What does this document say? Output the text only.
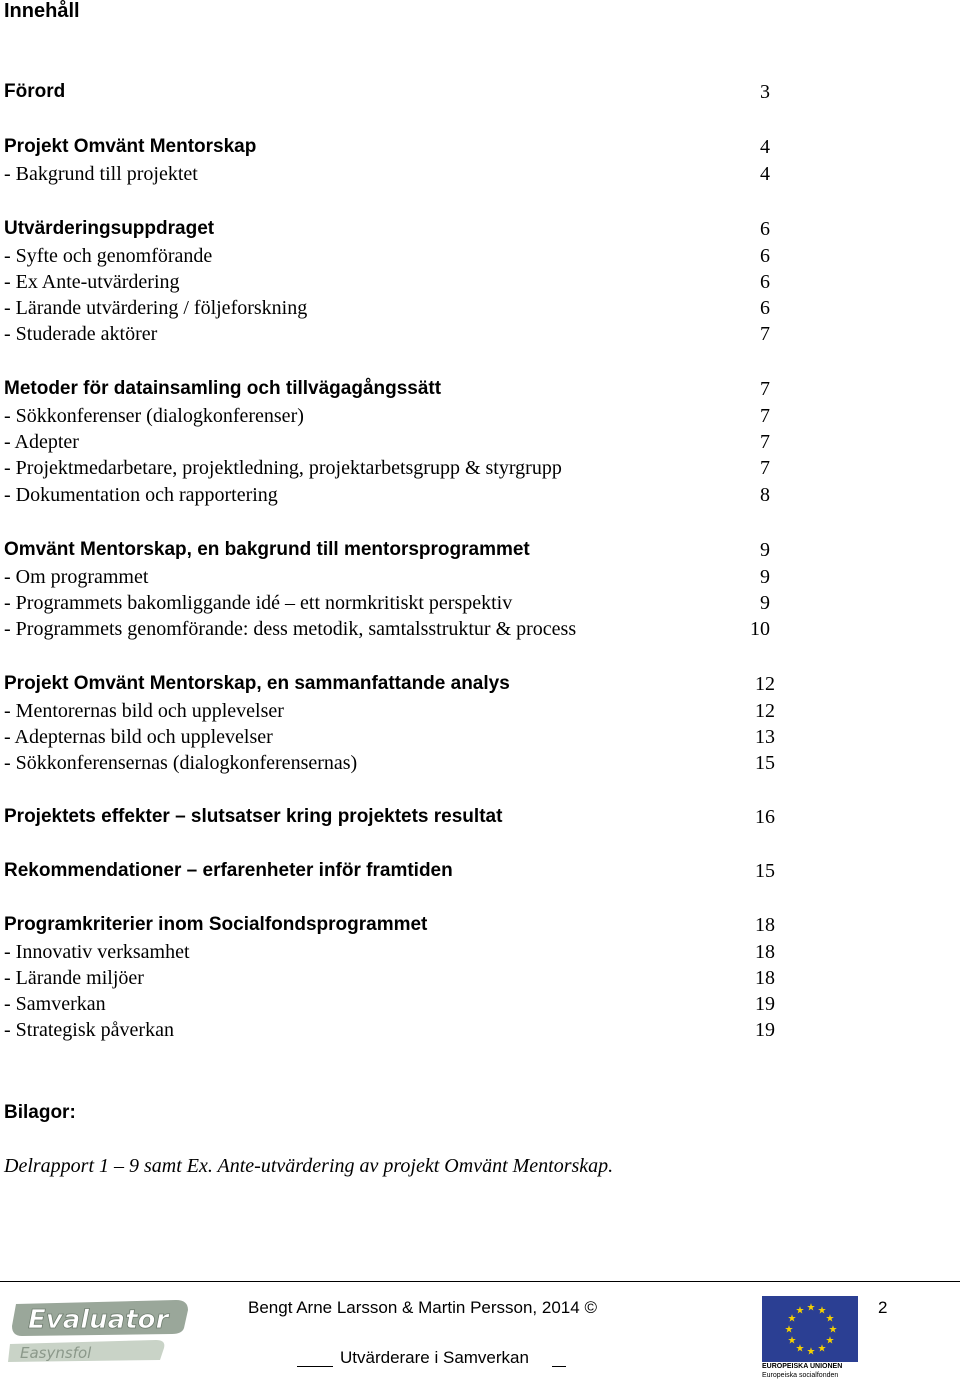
Innehåll
Förord	3
Projekt Omvänt Mentorskap	4
- Bakgrund till projektet	4
Utvärderingsuppdraget	6
- Syfte och genomförande	6
- Ex Ante-utvärdering	6
- Lärande utvärdering / följeforskning	6
- Studerade aktörer	7
Metoder för datainsamling och tillvägagångssätt	7
- Sökkonferenser (dialogkonferenser)	7
- Adepter	7
- Projektmedarbetare, projektledning, projektarbetsgrupp & styrgrupp	7
- Dokumentation och rapportering	8
Omvänt Mentorskap, en bakgrund till mentorsprogrammet	9
- Om programmet	9
- Programmets bakomliggande idé – ett normkritiskt perspektiv	9
- Programmets genomförande: dess metodik, samtalsstruktur & process	10
Projekt Omvänt Mentorskap, en sammanfattande analys	12
- Mentorernas bild och upplevelser	12
- Adepternas bild och upplevelser	13
- Sökkonferensernas (dialogkonferensernas)	15
Projektets effekter – slutsatser kring projektets resultat	16
Rekommendationer – erfarenheter inför framtiden	15
Programkriterier inom Socialfondsprogrammet	18
- Innovativ verksamhet	18
- Lärande miljöer	18
- Samverkan	19
- Strategisk påverkan	19
Bilagor:
Delrapport 1 – 9 samt Ex. Ante-utvärdering av projekt Omvänt Mentorskap.
Evaluator
Easynsfol
Bengt Arne Larsson & Martin Persson, 2014 ©	2
Utvärderare i Samverkan
★
★
★
★
★
★
★
★
★ ★ ★
★
EUROPEISKA UNIONEN
Europeiska socialfonden
